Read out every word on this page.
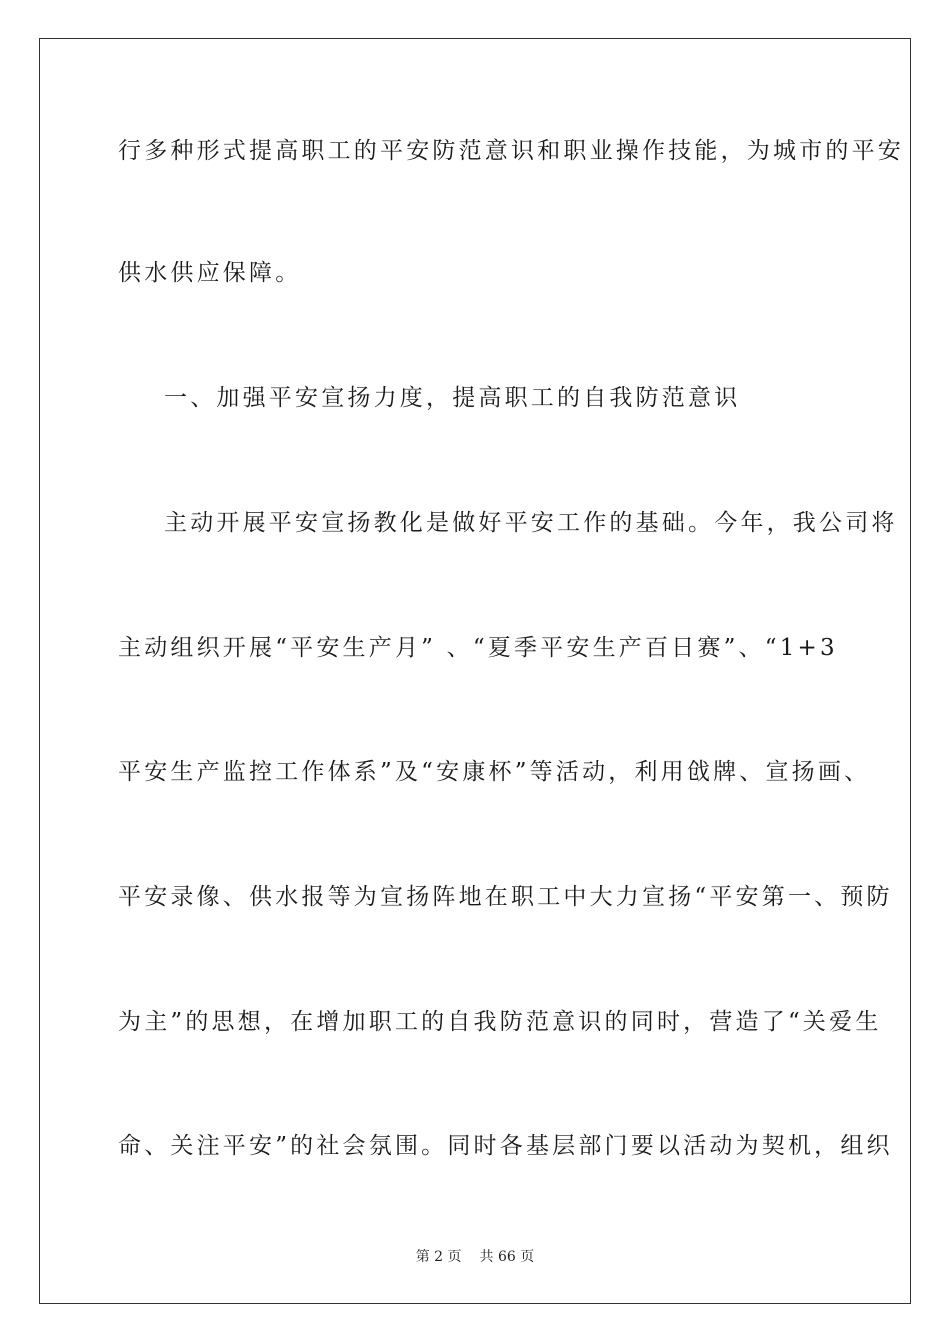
行多种形式提高职工的平安防范意识和职业操作技能，为城市的平安
供水供应保障。
一、加强平安宣扬力度，提高职工的自我防范意识
主动开展平安宣扬教化是做好平安工作的基础。今年，我公司将
主动组织开展“平安生产月” 、“夏季平安生产百日赛”、“1+3
平安生产监控工作体系”及“安康杯”等活动，利用戗牌、宣扬画、
平安录像、供水报等为宣扬阵地在职工中大力宣扬“平安第一、预防
为主”的思想，在增加职工的自我防范意识的同时，营造了“关爱生
命、关注平安”的社会氛围。同时各基层部门要以活动为契机，组织
第 2 页 共 66 页
